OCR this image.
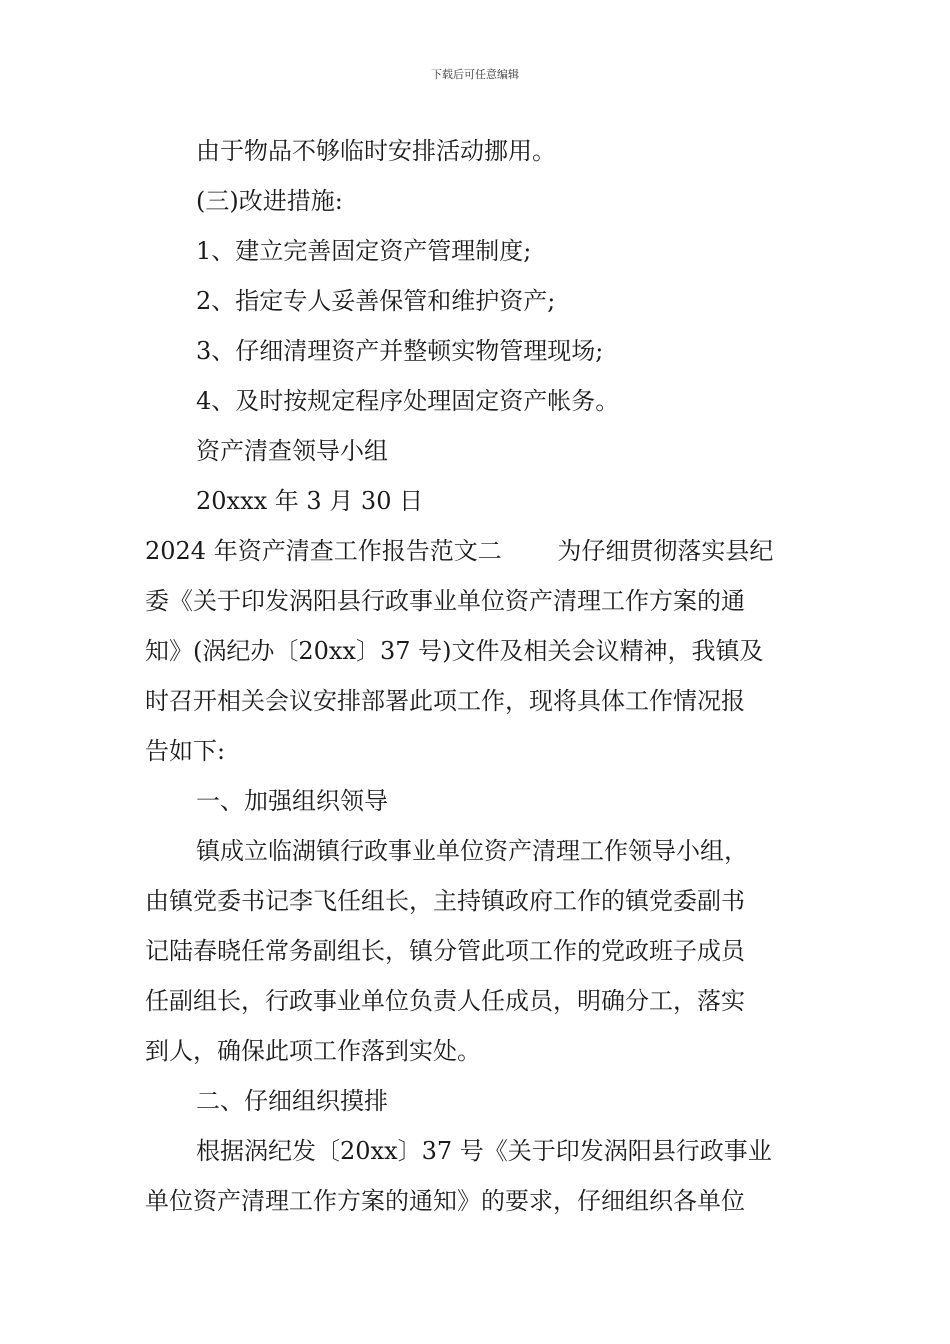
下载后可任意编辑
由于物品不够临时安排活动挪用。
(三)改进措施:
1、建立完善固定资产管理制度;
2、指定专人妥善保管和维护资产;
3、仔细清理资产并整顿实物管理现场;
4、及时按规定程序处理固定资产帐务。
资产清查领导小组
20xxx 年 3 月 30 日
2024 年资产清查工作报告范文二　　 为仔细贯彻落实县纪
委《关于印发涡阳县行政事业单位资产清理工作方案的通
知》(涡纪办〔20xx〕37 号)文件及相关会议精神，我镇及
时召开相关会议安排部署此项工作，现将具体工作情况报
告如下:
一、加强组织领导
镇成立临湖镇行政事业单位资产清理工作领导小组，
由镇党委书记李飞任组长，主持镇政府工作的镇党委副书
记陆春晓任常务副组长，镇分管此项工作的党政班子成员
任副组长，行政事业单位负责人任成员，明确分工，落实
到人，确保此项工作落到实处。
二、仔细组织摸排
根据涡纪发〔20xx〕37 号《关于印发涡阳县行政事业
单位资产清理工作方案的通知》的要求，仔细组织各单位
